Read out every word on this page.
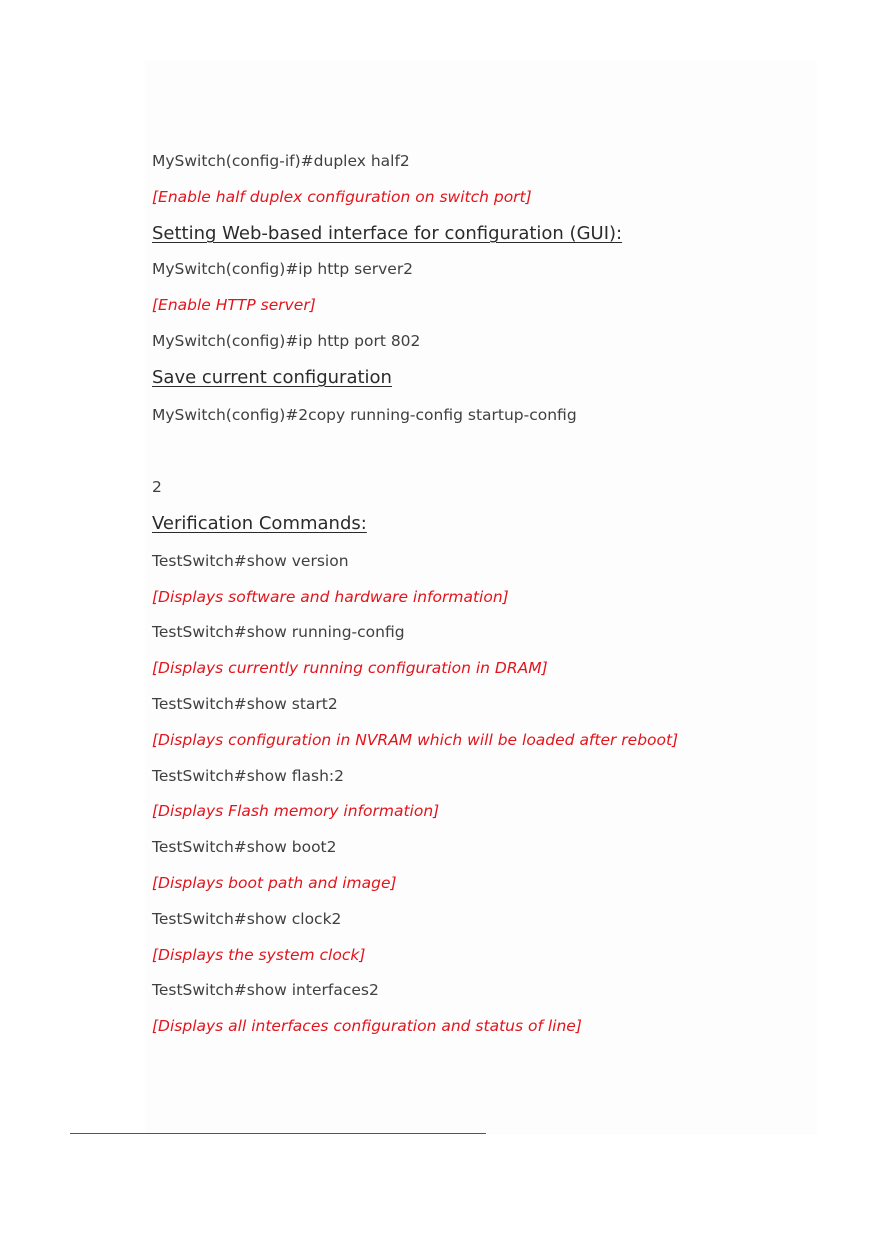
MySwitch(config-if)#duplex half2
[Enable half duplex configuration on switch port]
Setting Web-based interface for configuration (GUI):
MySwitch(config)#ip http server2
[Enable HTTP server]
MySwitch(config)#ip http port 802
Save current configuration
MySwitch(config)#2copy running-config startup-config
2
Verification Commands:
TestSwitch#show version
[Displays software and hardware information]
TestSwitch#show running-config
[Displays currently running configuration in DRAM]
TestSwitch#show start2
[Displays configuration in NVRAM which will be loaded after reboot]
TestSwitch#show flash:2
[Displays Flash memory information]
TestSwitch#show boot2
[Displays boot path and image]
TestSwitch#show clock2
[Displays the system clock]
TestSwitch#show interfaces2
[Displays all interfaces configuration and status of line]
